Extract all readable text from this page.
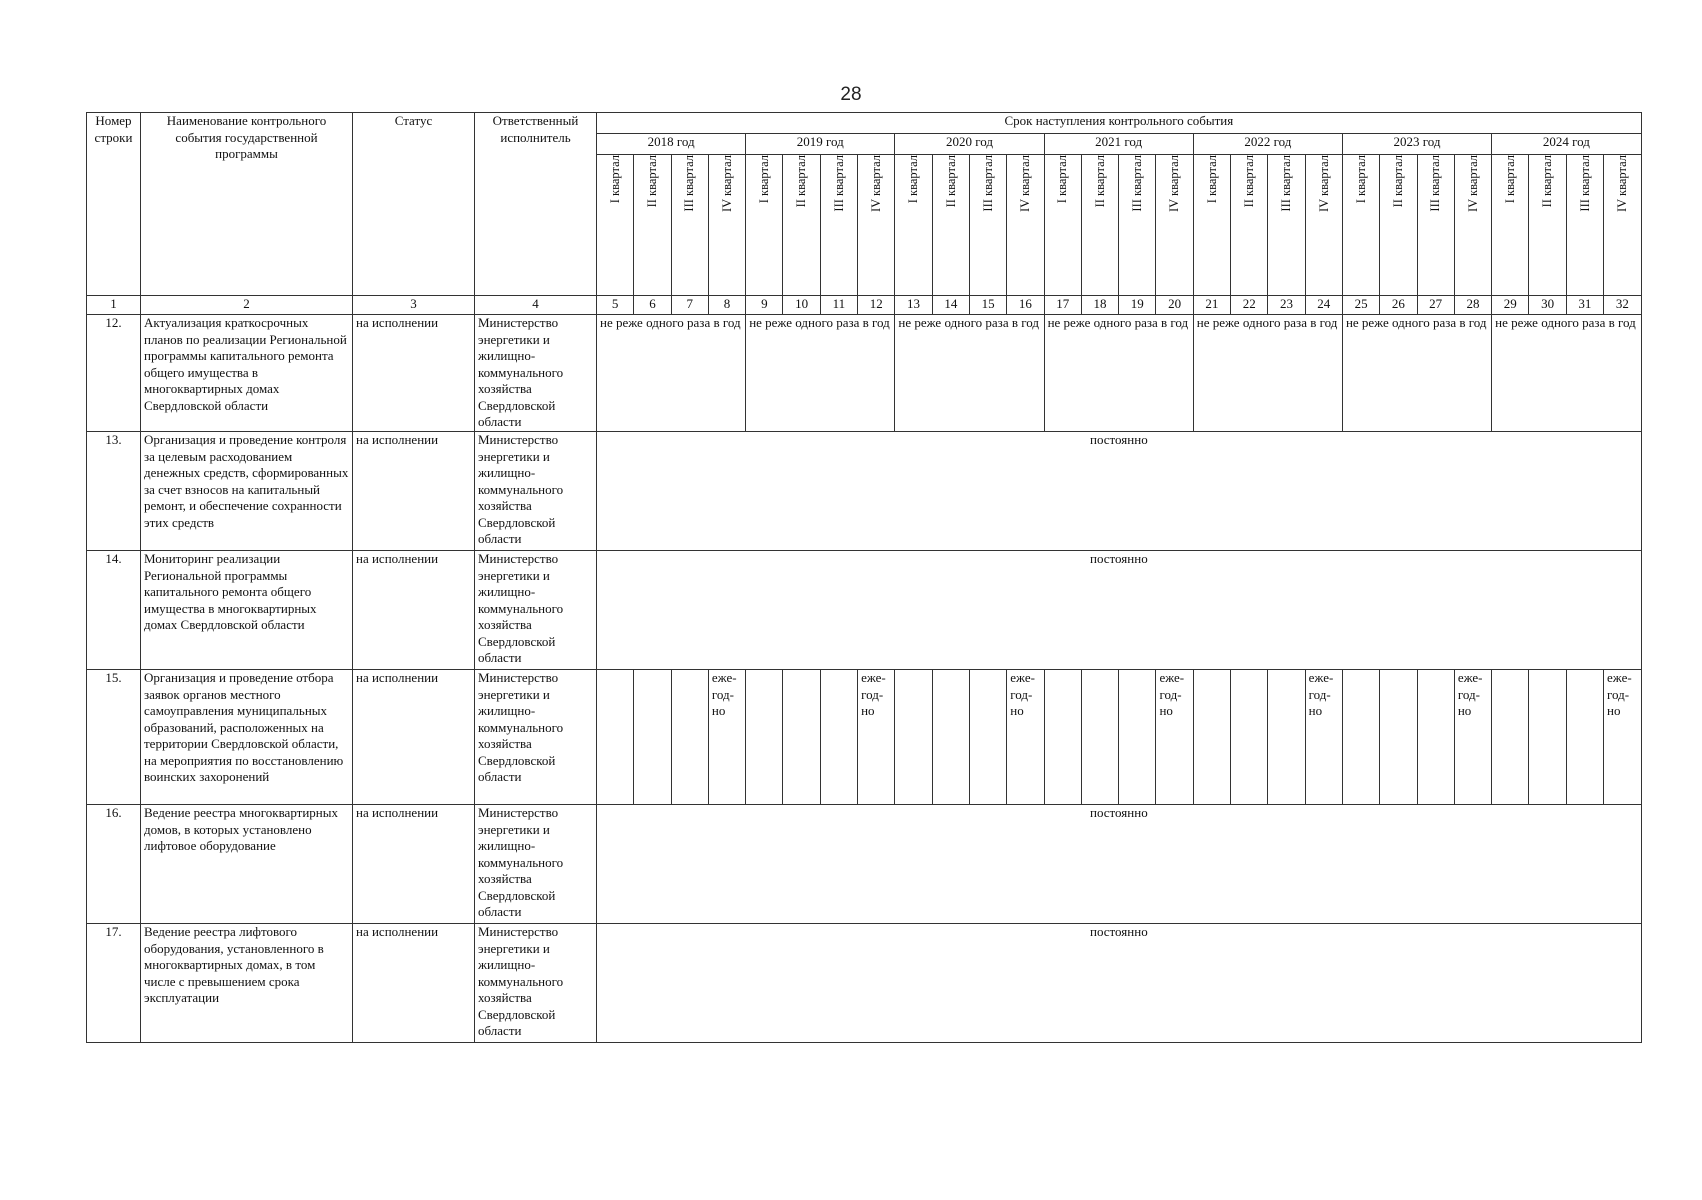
28
Номер строки	Наименование контрольного события государственной программы	Статус	Ответственный исполнитель	Срок наступления контрольного события																											
				2018 год				2019 год				2020 год				2021 год				2022 год				2023 год				2024 год			
				I квартал	II квартал	III квартал	IV квартал	I квартал	II квартал	III квартал	IV квартал	I квартал	II квартал	III квартал	IV квартал	I квартал	II квартал	III квартал	IV квартал	I квартал	II квартал	III квартал	IV квартал	I квартал	II квартал	III квартал	IV квартал	I квартал	II квартал	III квартал	IV квартал
1	2	3	4	5	6	7	8	9	10	11	12	13	14	15	16	17	18	19	20	21	22	23	24	25	26	27	28	29	30	31	32
12.	Актуализация краткосрочных планов по реализации Региональной программы капитального ремонта общего имущества в многоквартирных домах Свердловской области	на исполнении	Министерство энергетики и жилищно-коммунального хозяйства Свердловской области	не реже одного раза в год				не реже одного раза в год				не реже одного раза в год				не реже одного раза в год				не реже одного раза в год				не реже одного раза в год				не реже одного раза в год			
13.	Организация и проведение контроля за целевым расходованием денежных средств, сформированных за счет взносов на капитальный ремонт, и обеспечение сохранности этих средств	на исполнении	Министерство энергетики и жилищно-коммунального хозяйства Свердловской области	постоянно																											
14.	Мониторинг реализации Региональной программы капитального ремонта общего имущества в многоквартирных домах Свердловской области	на исполнении	Министерство энергетики и жилищно-коммунального хозяйства Свердловской области	постоянно																											
15.	Организация и проведение отбора заявок органов местного самоуправления муниципальных образований, расположенных на территории Свердловской области, на мероприятия по восстановлению воинских захоронений	на исполнении	Министерство энергетики и жилищно-коммунального хозяйства Свердловской области				еже-год-но				еже-год-но				еже-год-но				еже-год-но				еже-год-но				еже-год-но				еже-год-но
16.	Ведение реестра многоквартирных домов, в которых установлено лифтовое оборудование	на исполнении	Министерство энергетики и жилищно-коммунального хозяйства Свердловской области	постоянно																											
17.	Ведение реестра лифтового оборудования, установленного в многоквартирных домах, в том числе с превышением срока эксплуатации	на исполнении	Министерство энергетики и жилищно-коммунального хозяйства Свердловской области	постоянно																											
